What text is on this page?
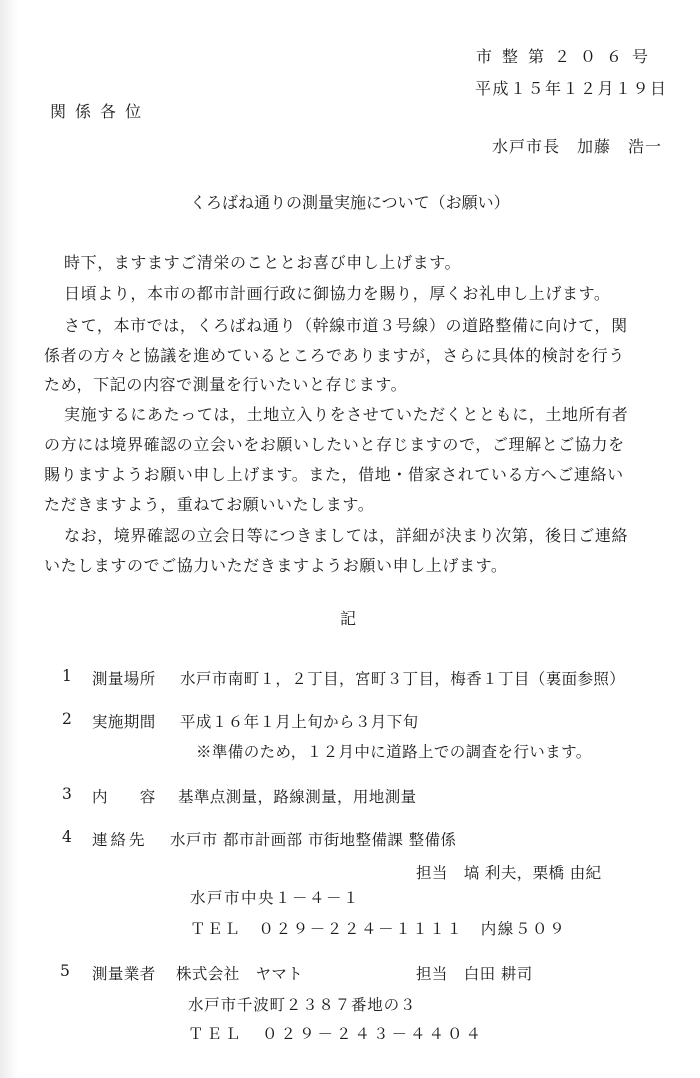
市整第２０６号
平成１５年１２月１９日
関係各位
水戸市長　加藤　浩一
くろばね通りの測量実施について（お願い）
時下，ますますご清栄のこととお喜び申し上げます。
日頃より，本市の都市計画行政に御協力を賜り，厚くお礼申し上げます。
さて，本市では，くろばね通り（幹線市道３号線）の道路整備に向けて，関
係者の方々と協議を進めているところでありますが，さらに具体的検討を行う
ため，下記の内容で測量を行いたいと存じます。
実施するにあたっては，土地立入りをさせていただくとともに，土地所有者
の方には境界確認の立会いをお願いしたいと存じますので，ご理解とご協力を
賜りますようお願い申し上げます。また，借地・借家されている方へご連絡い
ただきますよう，重ねてお願いいたします。
なお，境界確認の立会日等につきましては，詳細が決まり次第，後日ご連絡
いたしますのでご協力いただきますようお願い申し上げます。
記
1 測量場所 水戸市南町１，２丁目，宮町３丁目，梅香１丁目（裏面参照）
2 実施期間 平成１６年１月上旬から３月下旬
※準備のため，１２月中に道路上での調査を行います。
3 内　　容 基準点測量，路線測量，用地測量
4 連絡先 水戸市 都市計画部 市街地整備課 整備係
担当　塙 利夫，栗橋 由紀
水戸市中央１－４－１
ＴＥＬ　０２９－２２４－１１１１　内線５０９
5 測量業者 株式会社　ヤマト	担当　白田 耕司
水戸市千波町２３８７番地の３
ＴＥＬ　０２９－２４３－４４０４
